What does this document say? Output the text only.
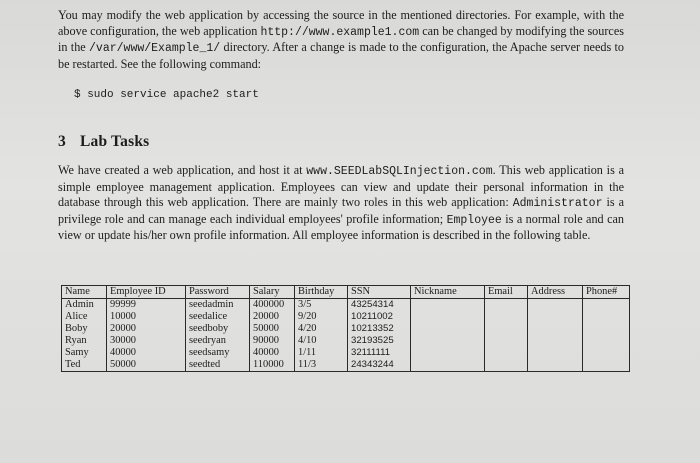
You may modify the web application by accessing the source in the mentioned directories. For example, with the above configuration, the web application http://www.example1.com can be changed by modifying the sources in the /var/www/Example_1/ directory. After a change is made to the configuration, the Apache server needs to be restarted. See the following command:

$ sudo service apache2 start

3 Lab Tasks

We have created a web application, and host it at www.SEEDLabSQLInjection.com. This web application is a simple employee management application. Employees can view and update their personal information in the database through this web application. There are mainly two roles in this web application: Administrator is a privilege role and can manage each individual employees' profile information; Employee is a normal role and can view or update his/her own profile information. All employee information is described in the following table.

Name	Employee ID	Password	Salary	Birthday	SSN	Nickname	Email	Address	Phone#
Admin	99999	seedadmin	400000	3/5	43254314				
Alice	10000	seedalice	20000	9/20	10211002				
Boby	20000	seedboby	50000	4/20	10213352				
Ryan	30000	seedryan	90000	4/10	32193525				
Samy	40000	seedsamy	40000	1/11	32111111				
Ted	50000	seedted	110000	11/3	24343244				
